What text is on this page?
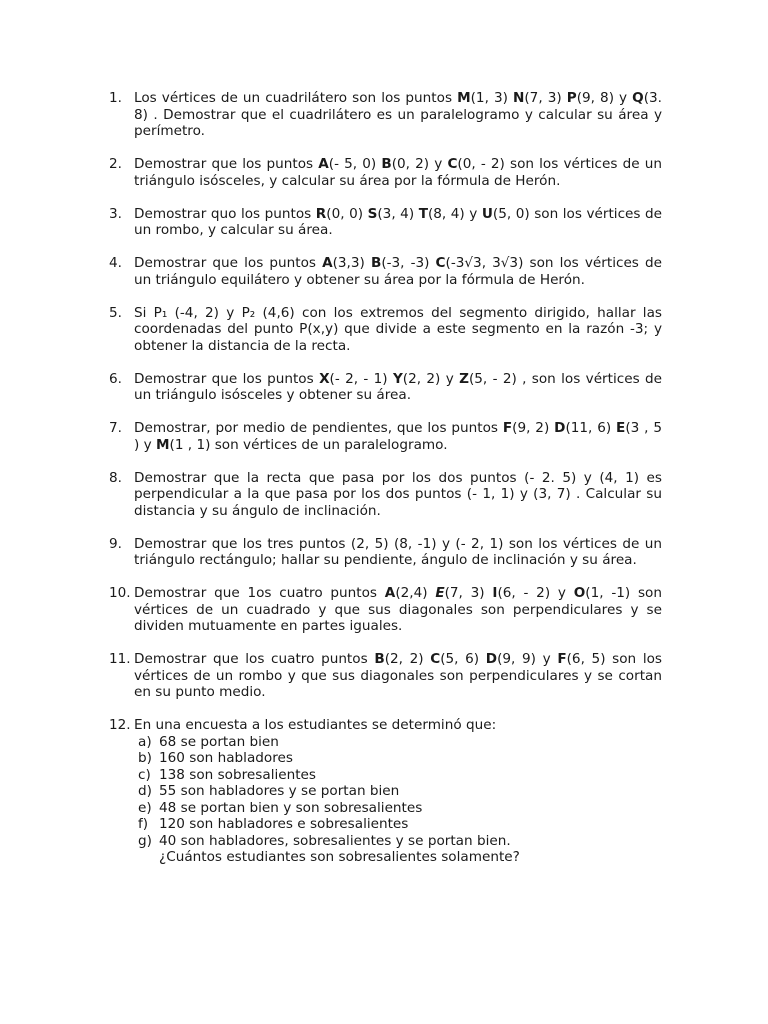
1. Los vértices de un cuadrilátero son los puntos M(1, 3) N(7, 3) P(9, 8) y Q(3. 8) . Demostrar que el cuadrilátero es un paralelogramo y calcular su área y perímetro.
2. Demostrar que los puntos A(- 5, 0) B(0, 2) y C(0, - 2) son los vértices de un triángulo isósceles, y calcular su área por la fórmula de Herón.
3. Demostrar quo los puntos R(0, 0) S(3, 4) T(8, 4) y U(5, 0) son los vértices de un rombo, y calcular su área.
4. Demostrar que los puntos A(3,3) B(-3, -3) C(-3√3, 3√3) son los vértices de un triángulo equilátero y obtener su área por la fórmula de Herón.
5. Si P₁ (-4, 2) y P₂ (4,6) con los extremos del segmento dirigido, hallar las coordenadas del punto P(x,y) que divide a este segmento en la razón -3; y obtener la distancia de la recta.
6. Demostrar que los puntos X(- 2, - 1) Y(2, 2) y Z(5, - 2) , son los vértices de un triángulo isósceles y obtener su área.
7. Demostrar, por medio de pendientes, que los puntos F(9, 2) D(11, 6) E(3 , 5 ) y M(1 , 1) son vértices de un paralelogramo.
8. Demostrar que la recta que pasa por los dos puntos (- 2. 5) y (4, 1) es perpendicular a la que pasa por los dos puntos (- 1, 1) y (3, 7) . Calcular su distancia y su ángulo de inclinación.
9. Demostrar que los tres puntos (2, 5) (8, -1) y (- 2, 1) son los vértices de un triángulo rectángulo; hallar su pendiente, ángulo de inclinación y su área.
10. Demostrar que 1os cuatro puntos A(2,4) E(7, 3) I(6, - 2) y O(1, -1) son vértices de un cuadrado y que sus diagonales son perpendiculares y se dividen mutuamente en partes iguales.
11. Demostrar que los cuatro puntos B(2, 2) C(5, 6) D(9, 9) y F(6, 5) son los vértices de un rombo y que sus diagonales son perpendiculares y se cortan en su punto medio.
12. En una encuesta a los estudiantes se determinó que:
a) 68 se portan bien
b) 160 son habladores
c) 138 son sobresalientes
d) 55 son habladores y se portan bien
e) 48 se portan bien y son sobresalientes
f) 120 son habladores e sobresalientes
g) 40 son habladores, sobresalientes y se portan bien.
¿Cuántos estudiantes son sobresalientes solamente?
